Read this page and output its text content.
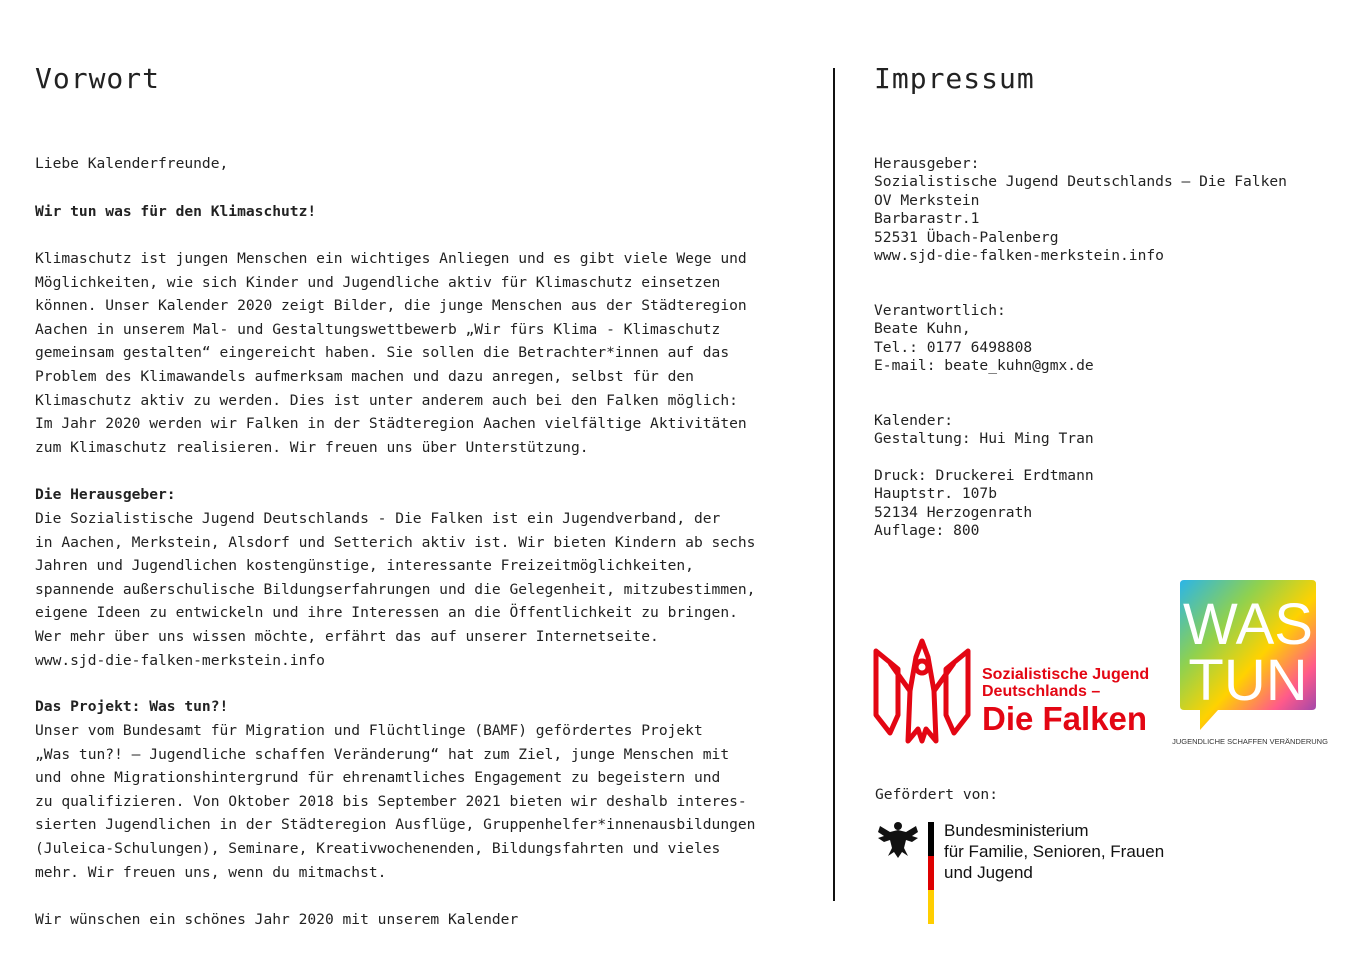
Vorwort	Impressum

Liebe Kalenderfreunde,

Wir tun was für den Klimaschutz!

Klimaschutz ist jungen Menschen ein wichtiges Anliegen und es gibt viele Wege und
Möglichkeiten, wie sich Kinder und Jugendliche aktiv für Klimaschutz einsetzen
können. Unser Kalender 2020 zeigt Bilder, die junge Menschen aus der Städteregion
Aachen in unserem Mal- und Gestaltungswettbewerb „Wir fürs Klima - Klimaschutz
gemeinsam gestalten“ eingereicht haben. Sie sollen die Betrachter*innen auf das
Problem des Klimawandels aufmerksam machen und dazu anregen, selbst für den
Klimaschutz aktiv zu werden. Dies ist unter anderem auch bei den Falken möglich:
Im Jahr 2020 werden wir Falken in der Städteregion Aachen vielfältige Aktivitäten
zum Klimaschutz realisieren. Wir freuen uns über Unterstützung.

Die Herausgeber:

Die Sozialistische Jugend Deutschlands - Die Falken ist ein Jugendverband, der
in Aachen, Merkstein, Alsdorf und Setterich aktiv ist. Wir bieten Kindern ab sechs
Jahren und Jugendlichen kostengünstige, interessante Freizeitmöglichkeiten,
spannende außerschulische Bildungserfahrungen und die Gelegenheit, mitzubestimmen,
eigene Ideen zu entwickeln und ihre Interessen an die Öffentlichkeit zu bringen.
Wer mehr über uns wissen möchte, erfährt das auf unserer Internetseite.
www.sjd-die-falken-merkstein.info

Das Projekt: Was tun?!

Unser vom Bundesamt für Migration und Flüchtlinge (BAMF) gefördertes Projekt
„Was tun?! – Jugendliche schaffen Veränderung“ hat zum Ziel, junge Menschen mit
und ohne Migrationshintergrund für ehrenamtliches Engagement zu begeistern und
zu qualifizieren. Von Oktober 2018 bis September 2021 bieten wir deshalb interes-
sierten Jugendlichen in der Städteregion Ausflüge, Gruppenhelfer*innenausbildungen
(Juleica-Schulungen), Seminare, Kreativwochenenden, Bildungsfahrten und vieles
mehr. Wir freuen uns, wenn du mitmachst.

Wir wünschen ein schönes Jahr 2020 mit unserem Kalender

Herausgeber:
Sozialistische Jugend Deutschlands – Die Falken
OV Merkstein
Barbarastr.1
52531 Übach-Palenberg
www.sjd-die-falken-merkstein.info

Verantwortlich:
Beate Kuhn,
Tel.: 0177 6498808
E-mail: beate_kuhn@gmx.de

Kalender:
Gestaltung: Hui Ming Tran

Druck: Druckerei Erdtmann
Hauptstr. 107b
52134 Herzogenrath
Auflage: 800

Sozialistische Jugend
Deutschlands –
Die Falken
WAS
TUN
JUGENDLICHE SCHAFFEN VERÄNDERUNG

Gefördert von:

Bundesministerium
für Familie, Senioren, Frauen
und Jugend
